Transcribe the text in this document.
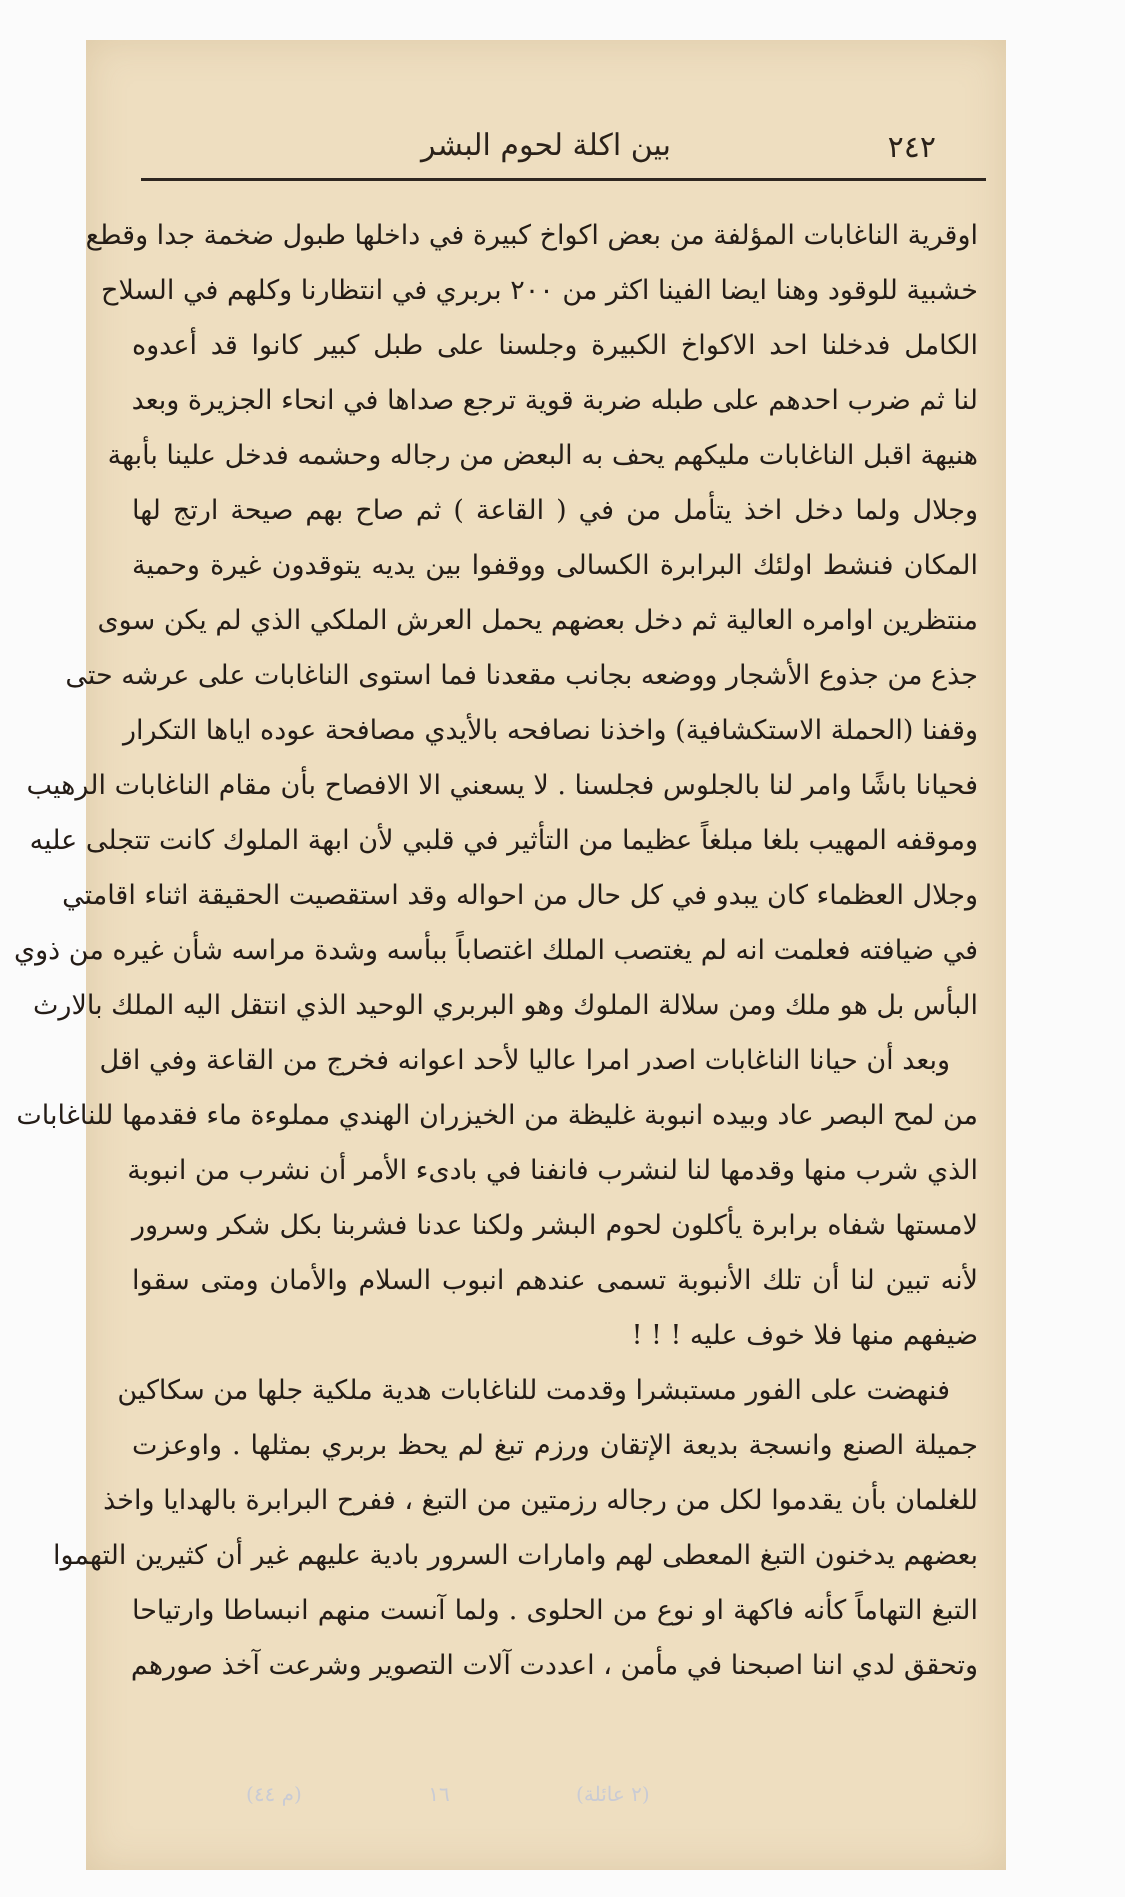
٢٤٢
بين اكلة لحوم البشر
اوقرية الناغابات المؤلفة من بعض اكواخ كبيرة في داخلها طبول ضخمة جدا وقطع
خشبية للوقود وهنا ايضا الفينا اكثر من ٢٠٠ بربري في انتظارنا وكلهم في السلاح
الكامل فدخلنا احد الاكواخ الكبيرة وجلسنا على طبل كبير كانوا قد أعدوه
لنا ثم ضرب احدهم على طبله ضربة قوية ترجع صداها في انحاء الجزيرة وبعد
هنيهة اقبل الناغابات مليكهم يحف به البعض من رجاله وحشمه فدخل علينا بأبهة
وجلال ولما دخل اخذ يتأمل من في ( القاعة ) ثم صاح بهم صيحة ارتج لها
المكان فنشط اولئك البرابرة الكسالى ووقفوا بين يديه يتوقدون غيرة وحمية
منتظرين اوامره العالية ثم دخل بعضهم يحمل العرش الملكي الذي لم يكن سوى
جذع من جذوع الأشجار ووضعه بجانب مقعدنا فما استوى الناغابات على عرشه حتى
وقفنا (الحملة الاستكشافية) واخذنا نصافحه بالأيدي مصافحة عوده اياها التكرار
فحيانا باشًا وامر لنا بالجلوس فجلسنا . لا يسعني الا الافصاح بأن مقام الناغابات الرهيب
وموقفه المهيب بلغا مبلغاً عظيما من التأثير في قلبي لأن ابهة الملوك كانت تتجلى عليه
وجلال العظماء كان يبدو في كل حال من احواله وقد استقصيت الحقيقة اثناء اقامتي
في ضيافته فعلمت انه لم يغتصب الملك اغتصاباً ببأسه وشدة مراسه شأن غيره من ذوي
البأس بل هو ملك ومن سلالة الملوك وهو البربري الوحيد الذي انتقل اليه الملك بالارث
وبعد أن حيانا الناغابات اصدر امرا عاليا لأحد اعوانه فخرج من القاعة وفي اقل
من لمح البصر عاد وبيده انبوبة غليظة من الخيزران الهندي مملوءة ماء فقدمها للناغابات
الذي شرب منها وقدمها لنا لنشرب فانفنا في بادىء الأمر أن نشرب من انبوبة
لامستها شفاه برابرة يأكلون لحوم البشر ولكنا عدنا فشربنا بكل شكر وسرور
لأنه تبين لنا أن تلك الأنبوبة تسمى عندهم انبوب السلام والأمان ومتى سقوا
ضيفهم منها فلا خوف عليه ! ! !
فنهضت على الفور مستبشرا وقدمت للناغابات هدية ملكية جلها من سكاكين
جميلة الصنع وانسجة بديعة الإتقان ورزم تبغ لم يحظ بربري بمثلها . واوعزت
للغلمان بأن يقدموا لكل من رجاله رزمتين من التبغ ، ففرح البرابرة بالهدايا واخذ
بعضهم يدخنون التبغ المعطى لهم وامارات السرور بادية عليهم غير أن كثيرين التهموا
التبغ التهاماً كأنه فاكهة او نوع من الحلوى . ولما آنست منهم انبساطا وارتياحا
وتحقق لدي اننا اصبحنا في مأمن ، اعددت آلات التصوير وشرعت آخذ صورهم
(٢ عائلة) ١٦ (م ٤٤)
